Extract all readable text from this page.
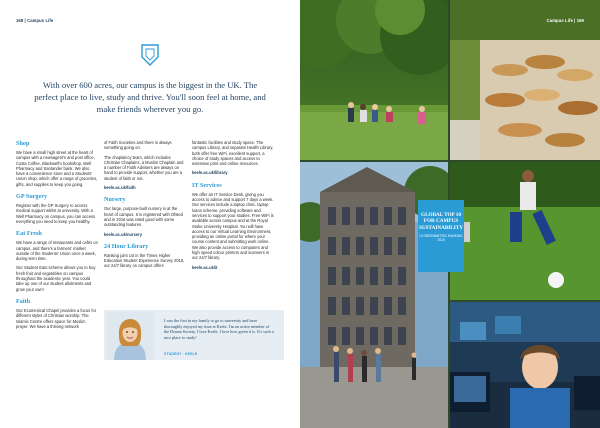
168 | Campus Life
With over 600 acres, our campus is the biggest in the UK. The perfect place to live, study and thrive. You'll soon feel at home, and make friends wherever you go.
Shop

We have a small high street at the heart of campus with a newsagent's and post office, Costa Coffee, Blackwell's bookshop, Well Pharmacy and Santander bank. We also have a convenience store and a Students' Union shop, which offer a range of groceries, gifts, and supplies to keep you going.

GP Surgery

Register with the GP Surgery to access medical support whilst at university. With a Well Pharmacy on campus, you can access everything you need to keep you healthy.

Eat Fresh

We have a range of restaurants and cafés on campus, and there's a farmers' market outside of the Students' Union once a week, during term time.

Our Student Eats scheme allows you to buy fresh fruit and vegetables on campus throughout the academic year. You could take up one of our student allotments and grow your own!

Faith

Our Ecumenical Chapel provides a focus for different styles of Christian worship. The Islamic Centre offers space for Muslim prayer. We have a thriving network

of Faith Societies and there is always something going on.

The chaplaincy team, which includes Christian Chaplains, a Muslim Chaplain and a number of Faith Advisers are always on hand to provide support, whether you are a student of faith or not.

keele.ac.uk/faith

Nursery

Our large, purpose-built nursery is at the heart of campus. It is registered with Ofsted and in 2016 was rated good with some outstanding features.

keele.ac.uk/nursery

24 Hour Library

Ranking joint 1st in the Times Higher Education Student Experience Survey 2018, our 24/7 library on campus offers

fantastic facilities and study space. The campus Library, and separate Health Library, both offer free WiFi, excellent support, a choice of study spaces and access to extensive print and online resources.

keele.ac.uk/library

IT Services

We offer an IT Service Desk, giving you access to advice and support 7 days a week. Our services include a laptop clinic, laptop loans scheme, providing software and services to support your studies. Free WiFi is available across campus and at the Royal Stoke University Hospital. You will have access to our Virtual Learning Environment, providing an online portal for where your course content and submitting work online. We also provide access to computers and high speed colour printers and scanners in our 24/7 library.

keele.ac.uk/it

I was the first in my family to go to university and have thoroughly enjoyed my time at Keele. I'm an active member of the Drama Society. I love Keele. I love how green it is. It's such a nice place to study!
STUDENT · KEELE
Campus Life | 169
GLOBAL TOP 10 FOR CAMPUS SUSTAINABILITY
UI GREENMETRIC RANKING 2018
